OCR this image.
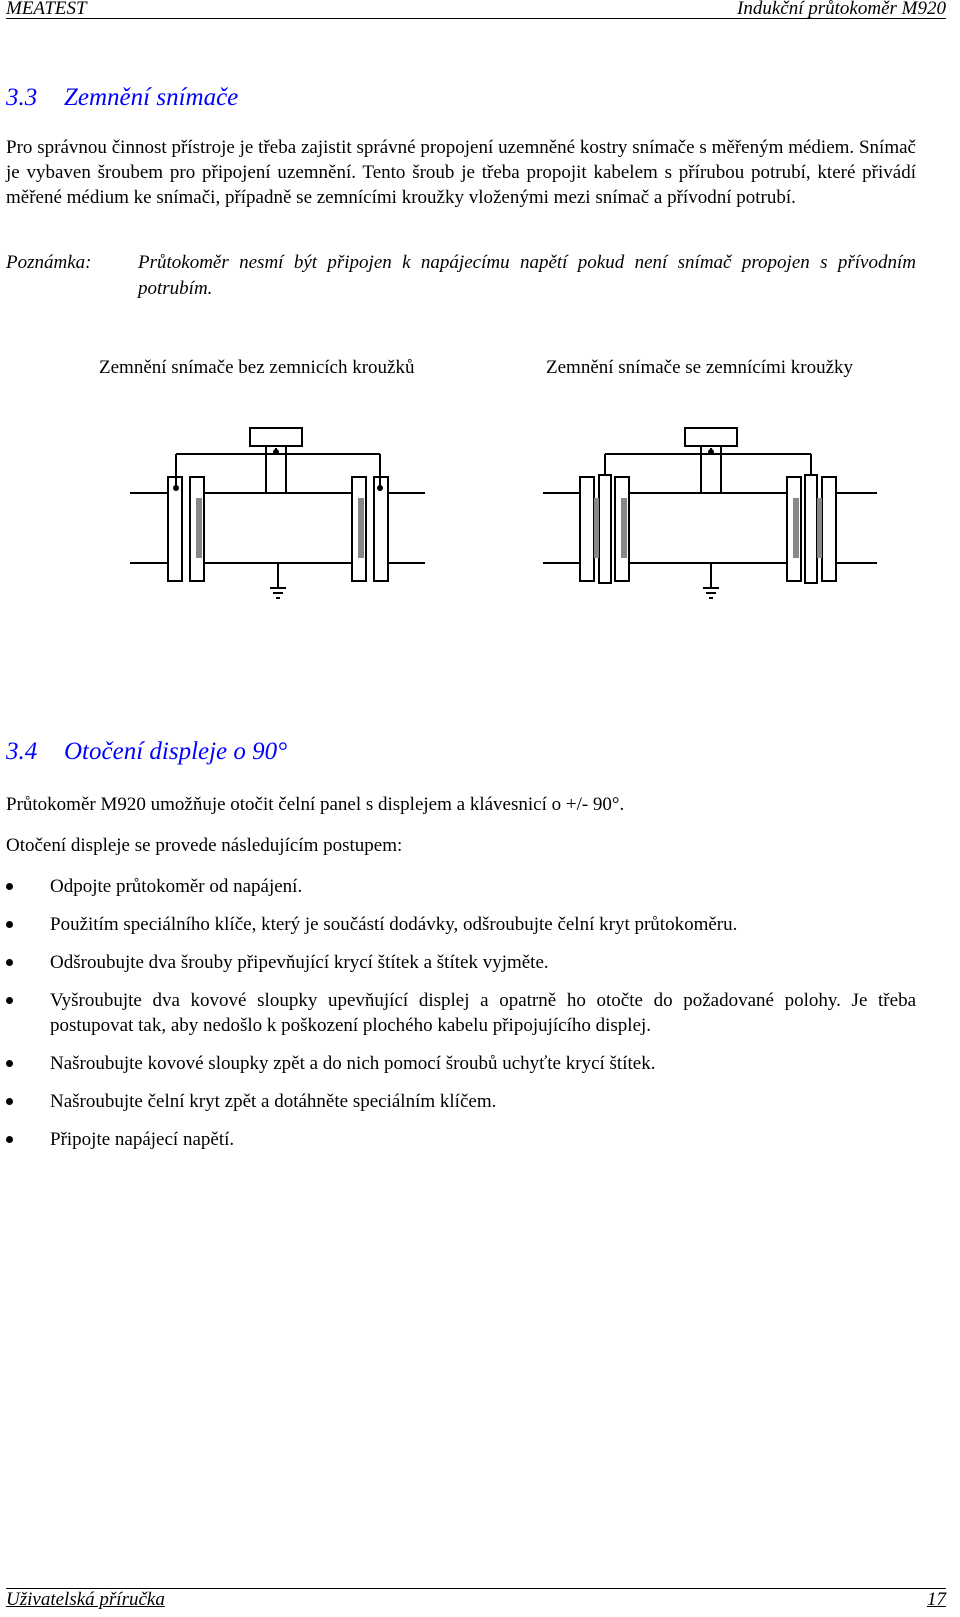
MEATEST	Indukční průtokoměr M920
3.3 Zemnění snímače

Pro správnou činnost přístroje je třeba zajistit správné propojení uzemněné kostry snímače s měřeným médiem. Snímač je vybaven šroubem pro připojení uzemnění. Tento šroub je třeba propojit kabelem s přírubou potrubí, které přivádí měřené médium ke snímači, případně se zemnícími kroužky vloženými mezi snímač a přívodní potrubí.

Poznámka: Průtokoměr nesmí být připojen k napájecímu napětí pokud není snímač propojen s přívodním potrubím.

Zemnění snímače bez zemnicích kroužků	Zemnění snímače se zemnícími kroužky
3.4 Otočení displeje o 90°

Průtokoměr M920 umožňuje otočit čelní panel s displejem a klávesnicí o +/- 90°.

Otočení displeje se provede následujícím postupem:

Odpojte průtokoměr od napájení.
Použitím speciálního klíče, který je součástí dodávky, odšroubujte čelní kryt průtokoměru.
Odšroubujte dva šrouby připevňující krycí štítek a štítek vyjměte.
Vyšroubujte dva kovové sloupky upevňující displej a opatrně ho otočte do požadované polohy. Je třeba postupovat tak, aby nedošlo k poškození plochého kabelu připojujícího displej.
Našroubujte kovové sloupky zpět a do nich pomocí šroubů uchyťte krycí štítek.
Našroubujte čelní kryt zpět a dotáhněte speciálním klíčem.
Připojte napájecí napětí.
Uživatelská příručka	17
